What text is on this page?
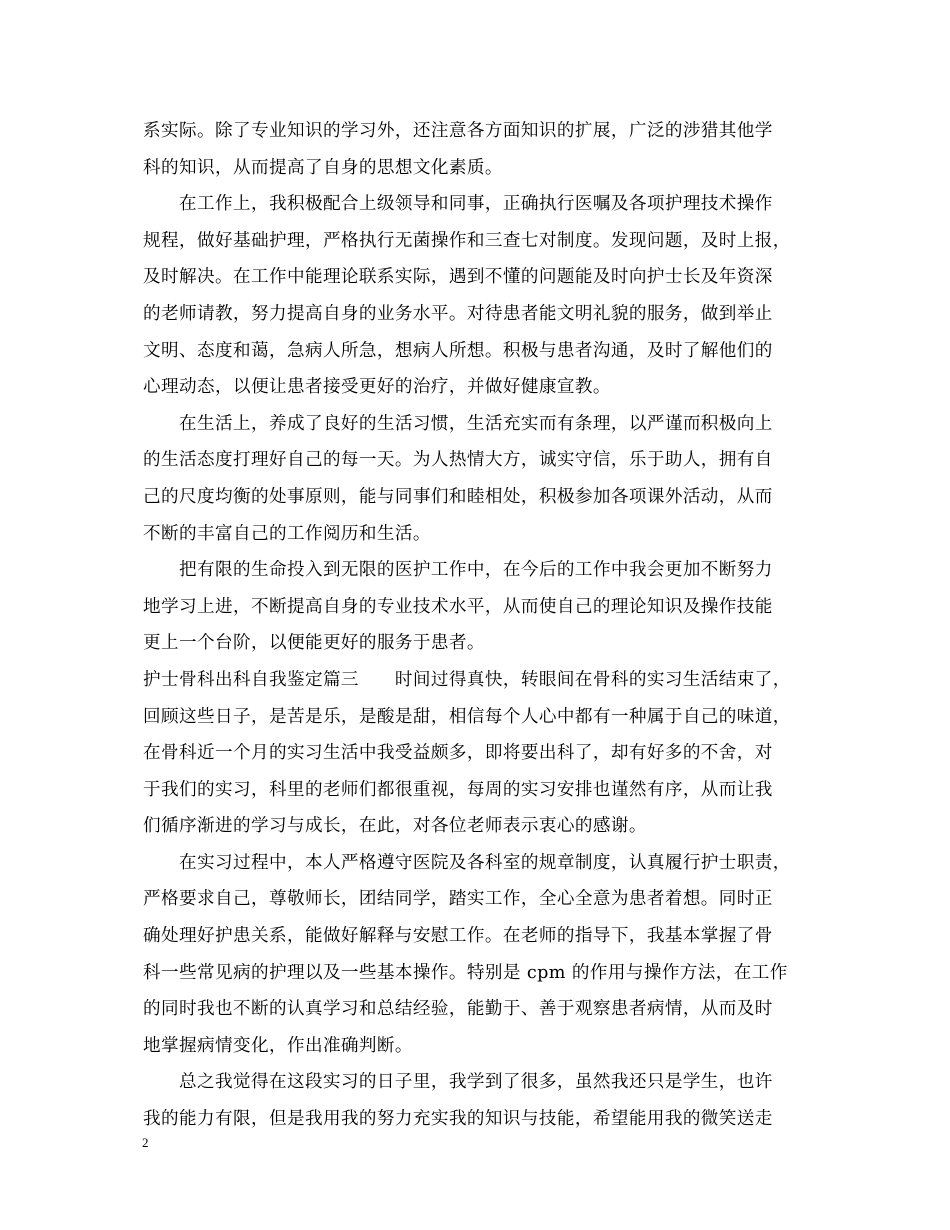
系实际。除了专业知识的学习外，还注意各方面知识的扩展，广泛的涉猎其他学
科的知识，从而提高了自身的思想文化素质。
　　在工作上，我积极配合上级领导和同事，正确执行医嘱及各项护理技术操作
规程，做好基础护理，严格执行无菌操作和三查七对制度。发现问题，及时上报，
及时解决。在工作中能理论联系实际，遇到不懂的问题能及时向护士长及年资深
的老师请教，努力提高自身的业务水平。对待患者能文明礼貌的服务，做到举止
文明、态度和蔼，急病人所急，想病人所想。积极与患者沟通，及时了解他们的
心理动态，以便让患者接受更好的治疗，并做好健康宣教。
　　在生活上，养成了良好的生活习惯，生活充实而有条理，以严谨而积极向上
的生活态度打理好自己的每一天。为人热情大方，诚实守信，乐于助人，拥有自
己的尺度均衡的处事原则，能与同事们和睦相处，积极参加各项课外活动，从而
不断的丰富自己的工作阅历和生活。
　　把有限的生命投入到无限的医护工作中，在今后的工作中我会更加不断努力
地学习上进，不断提高自身的专业技术水平，从而使自己的理论知识及操作技能
更上一个台阶，以便能更好的服务于患者。
护士骨科出科自我鉴定篇三　　时间过得真快，转眼间在骨科的实习生活结束了，
回顾这些日子，是苦是乐，是酸是甜，相信每个人心中都有一种属于自己的味道，
在骨科近一个月的实习生活中我受益颇多，即将要出科了，却有好多的不舍，对
于我们的实习，科里的老师们都很重视，每周的实习安排也谨然有序，从而让我
们循序渐进的学习与成长，在此，对各位老师表示衷心的感谢。
　　在实习过程中，本人严格遵守医院及各科室的规章制度，认真履行护士职责，
严格要求自己，尊敬师长，团结同学，踏实工作，全心全意为患者着想。同时正
确处理好护患关系，能做好解释与安慰工作。在老师的指导下，我基本掌握了骨
科一些常见病的护理以及一些基本操作。特别是 cpm 的作用与操作方法，在工作
的同时我也不断的认真学习和总结经验，能勤于、善于观察患者病情，从而及时
地掌握病情变化，作出准确判断。
　　总之我觉得在这段实习的日子里，我学到了很多，虽然我还只是学生，也许
我的能力有限，但是我用我的努力充实我的知识与技能，希望能用我的微笑送走
2
